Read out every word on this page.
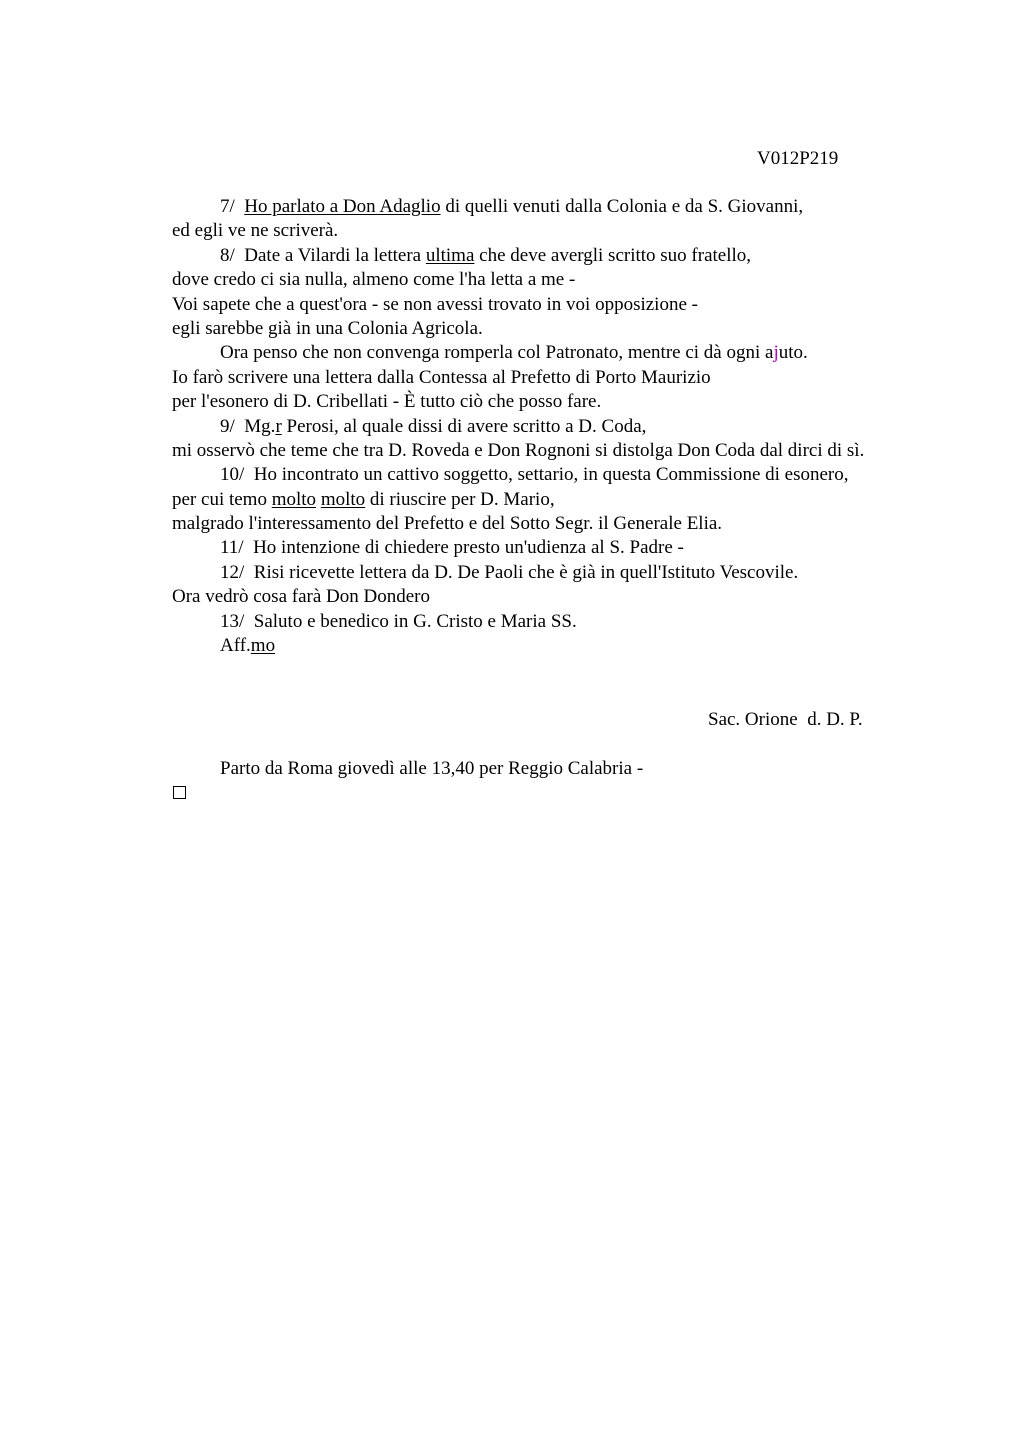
V012P219
7/  Ho parlato a Don Adaglio di quelli venuti dalla Colonia e da S. Giovanni,
ed egli ve ne scriverà.
8/  Date a Vilardi la lettera ultima che deve avergli scritto suo fratello,
dove credo ci sia nulla, almeno come l'ha letta a me -
Voi sapete che a quest'ora - se non avessi trovato in voi opposizione -
egli sarebbe già in una Colonia Agricola.
Ora penso che non convenga romperla col Patronato, mentre ci dà ogni ajuto.
Io farò scrivere una lettera dalla Contessa al Prefetto di Porto Maurizio
per l'esonero di D. Cribellati - È tutto ciò che posso fare.
9/  Mg.r Perosi, al quale dissi di avere scritto a D. Coda,
mi osservò che teme che tra D. Roveda e Don Rognoni si distolga Don Coda dal dirci di sì.
10/  Ho incontrato un cattivo soggetto, settario, in questa Commissione di esonero,
per cui temo molto molto di riuscire per D. Mario,
malgrado l'interessamento del Prefetto e del Sotto Segr. il Generale Elia.
11/  Ho intenzione di chiedere presto un'udienza al S. Padre -
12/  Risi ricevette lettera da D. De Paoli che è già in quell'Istituto Vescovile.
Ora vedrò cosa farà Don Dondero
13/  Saluto e benedico in G. Cristo e Maria SS.
Aff.mo
Sac. Orione  d. D. P.
Parto da Roma giovedì alle 13,40 per Reggio Calabria -
